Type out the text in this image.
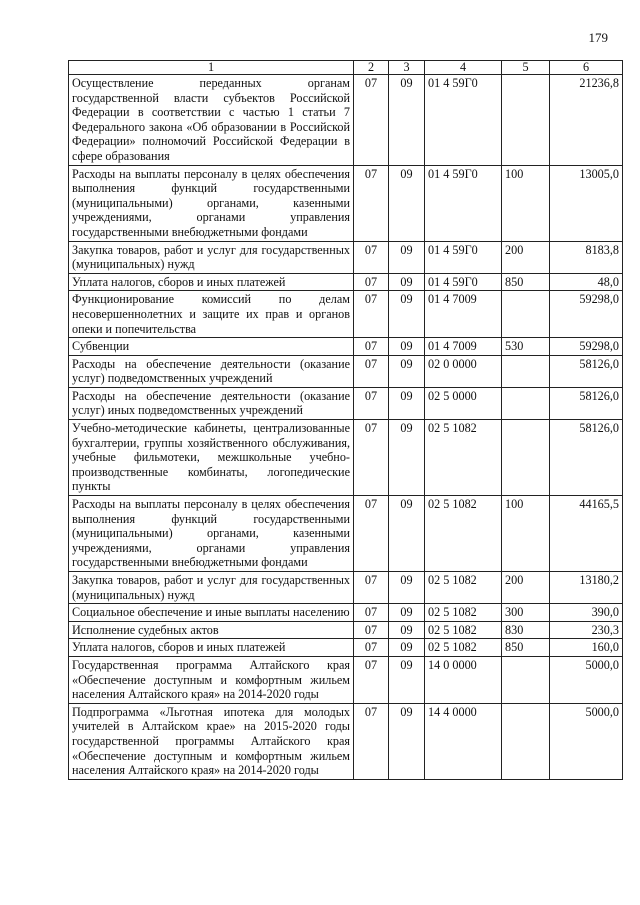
179
1	2	3	4	5	6
Осуществление переданных органам государственной власти субъектов Российской Федерации в соответствии с частью 1 статьи 7 Федерального закона «Об образовании в Российской Федерации» полномочий Российской Федерации в сфере образования	07	09	01 4 59Г0		21236,8
Расходы на выплаты персоналу в целях обеспечения выполнения функций государственными (муниципальными) органами, казенными учреждениями, органами управления государственными внебюджетными фондами	07	09	01 4 59Г0	100	13005,0
Закупка товаров, работ и услуг для государственных (муниципальных) нужд	07	09	01 4 59Г0	200	8183,8
Уплата налогов, сборов и иных платежей	07	09	01 4 59Г0	850	48,0
Функционирование комиссий по делам несовершеннолетних и защите их прав и органов опеки и попечительства	07	09	01 4 7009		59298,0
Субвенции	07	09	01 4 7009	530	59298,0
Расходы на обеспечение деятельности (оказание услуг) подведомственных учреждений	07	09	02 0 0000		58126,0
Расходы на обеспечение деятельности (оказание услуг) иных подведомственных учреждений	07	09	02 5 0000		58126,0
Учебно-методические кабинеты, централизованные бухгалтерии, группы хозяйственного обслуживания, учебные фильмотеки, межшкольные учебно-производственные комбинаты, логопедические пункты	07	09	02 5 1082		58126,0
Расходы на выплаты персоналу в целях обеспечения выполнения функций государственными (муниципальными) органами, казенными учреждениями, органами управления государственными внебюджетными фондами	07	09	02 5 1082	100	44165,5
Закупка товаров, работ и услуг для государственных (муниципальных) нужд	07	09	02 5 1082	200	13180,2
Социальное обеспечение и иные выплаты населению	07	09	02 5 1082	300	390,0
Исполнение судебных актов	07	09	02 5 1082	830	230,3
Уплата налогов, сборов и иных платежей	07	09	02 5 1082	850	160,0
Государственная программа Алтайского края «Обеспечение доступным и комфортным жильем населения Алтайского края» на 2014-2020 годы	07	09	14 0 0000		5000,0
Подпрограмма «Льготная ипотека для молодых учителей в Алтайском крае» на 2015-2020 годы государственной программы Алтайского края «Обеспечение доступным и комфортным жильем населения Алтайского края» на 2014-2020 годы	07	09	14 4 0000		5000,0
